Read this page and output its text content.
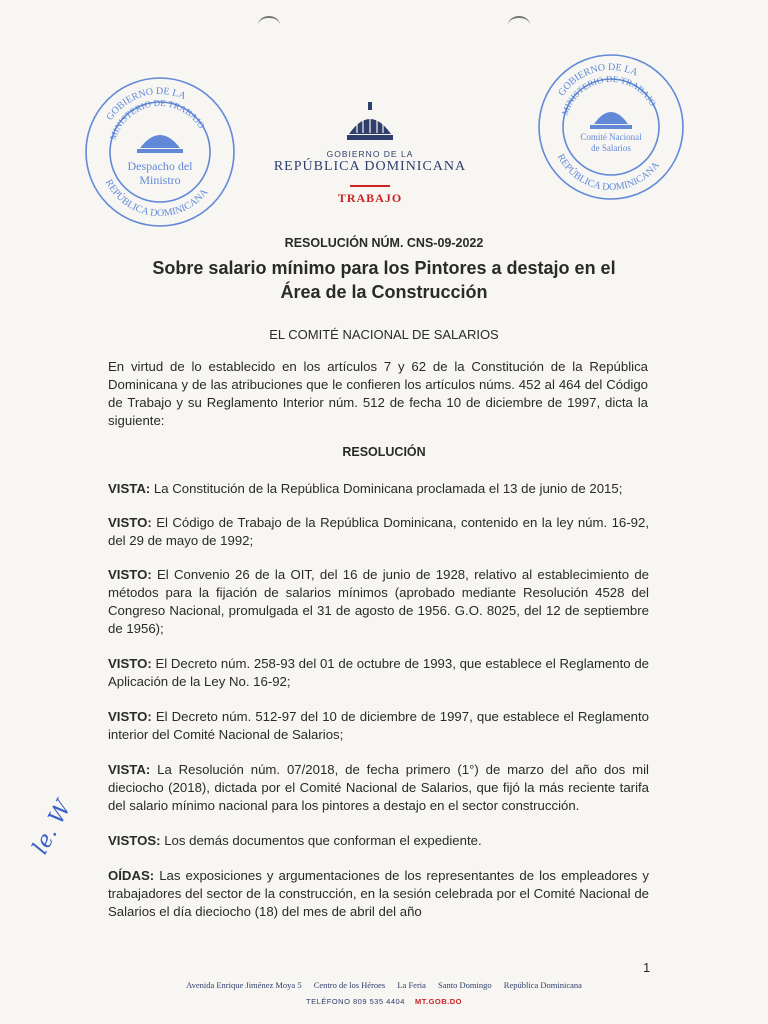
GOBIERNO DE LA
MINISTERIO DE TRABAJO
REPÚBLICA DOMINICANA
Despacho del
Ministro
GOBIERNO DE LA
MINISTERIO DE TRABAJO
REPÚBLICA DOMINICANA
Comité Nacional
de Salarios
GOBIERNO DE LA
REPÚBLICA DOMINICANA
TRABAJO
RESOLUCIÓN NÚM. CNS-09-2022
Sobre salario mínimo para los Pintores a destajo en el
Área de la Construcción
EL COMITÉ NACIONAL DE SALARIOS

En virtud de lo establecido en los artículos 7 y 62 de la Constitución de la República Dominicana y de las atribuciones que le confieren los artículos núms. 452 al 464 del Código de Trabajo y su Reglamento Interior núm. 512 de fecha 10 de diciembre de 1997, dicta la siguiente:

RESOLUCIÓN

VISTA: La Constitución de la República Dominicana proclamada el 13 de junio de 2015;

VISTO: El Código de Trabajo de la República Dominicana, contenido en la ley núm. 16-92, del 29 de mayo de 1992;

VISTO: El Convenio 26 de la OIT, del 16 de junio de 1928, relativo al establecimiento de métodos para la fijación de salarios mínimos (aprobado mediante Resolución 4528 del Congreso Nacional, promulgada el 31 de agosto de 1956. G.O. 8025, del 12 de septiembre de 1956);

VISTO: El Decreto núm. 258-93 del 01 de octubre de 1993, que establece el Reglamento de Aplicación de la Ley No. 16-92;

VISTO: El Decreto núm. 512-97 del 10 de diciembre de 1997, que establece el Reglamento interior del Comité Nacional de Salarios;

VISTA: La Resolución núm. 07/2018, de fecha primero (1°) de marzo del año dos mil dieciocho (2018), dictada por el Comité Nacional de Salarios, que fijó la más reciente tarifa del salario mínimo nacional para los pintores a destajo en el sector construcción.

VISTOS: Los demás documentos que conforman el expediente.

OÍDAS: Las exposiciones y argumentaciones de los representantes de los empleadores y trabajadores del sector de la construcción, en la sesión celebrada por el Comité Nacional de Salarios el día dieciocho (18) del mes de abril del año

le. W
1
Avenida Enrique Jiménez Moya 5 Centro de los Héroes La Feria Santo Domingo República Dominicana
TELÉFONO 809 535 4404 MT.GOB.DO
